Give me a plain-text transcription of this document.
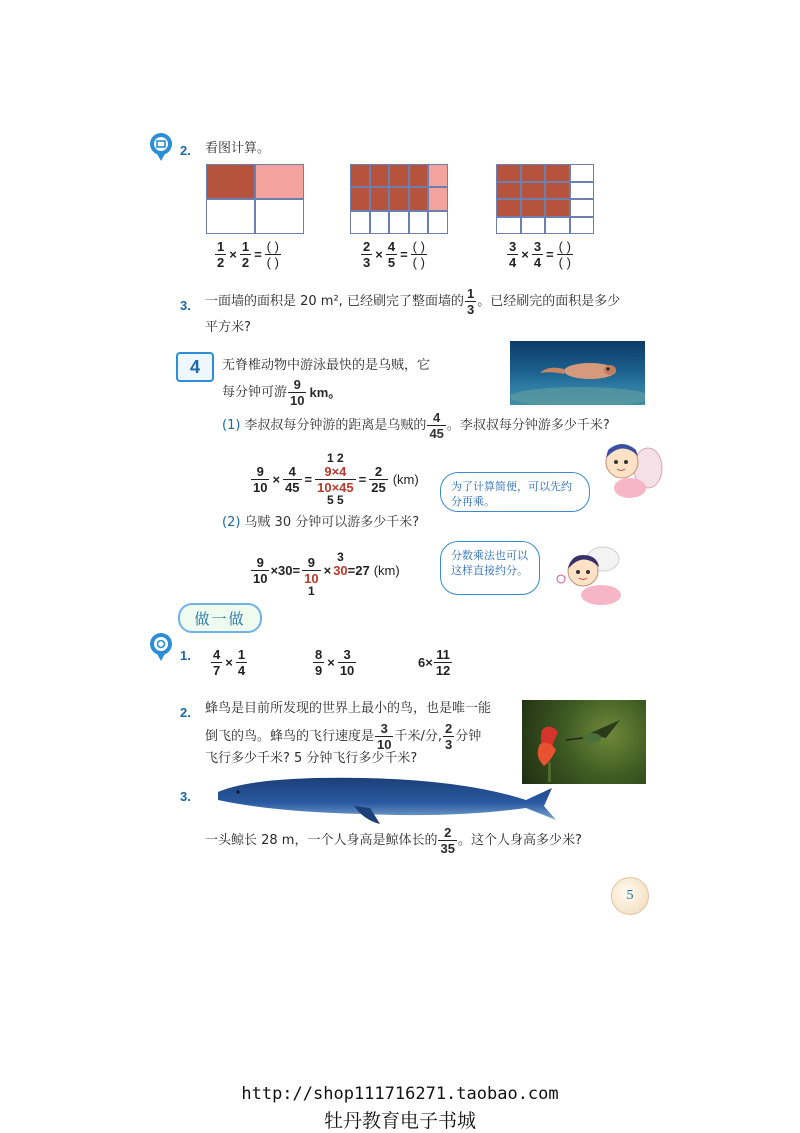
2. 看图计算。
$\frac{1}{2} \times \frac{1}{2} = \frac{( )}{( )}$	$\frac{2}{3} \times \frac{4}{5} = \frac{( )}{( )}$	$\frac{3}{4} \times \frac{3}{4} = \frac{( )}{( )}$
3. 一面墙的面积是 20 m², 已经刷完了整面墙的 $\frac{1}{3}$ 。已经刷完的面积是多少
平方米?
4	无脊椎动物中游泳最快的是乌贼，它
每分钟可游 $\frac{9}{10}$ km。
(1) 李叔叔每分钟游的距离是乌贼的 $\frac{4}{45}$ 。李叔叔每分钟游多少千米?
$\frac{9}{10} \times \frac{4}{45}$ =
1 2
$\frac{9\times 4}{10\times 45}$
5 5
= $\frac{2}{25} (km)$	为了计算简便，可以先约分再乘。
(2) 乌贼 30 分钟可以游多少千米?
$\frac{9}{10} \times 30= \frac{9}{10}$
1
×
3
30 =27 (km)
分数乘法也可以这样直接约分。
做一做
1. $\frac{4}{7} \times \frac{1}{4}$	$\frac{8}{9} \times \frac{3}{10}$	$6\times \frac{11}{12}$
2. 蜂鸟是目前所发现的世界上最小的鸟，也是唯一能
倒飞的鸟。蜂鸟的飞行速度是 $\frac{3}{10}$ 千米/分, $\frac{2}{3}$ 分钟
飞行多少千米? 5 分钟飞行多少千米?
3.
一头鲸长 28 m，一个人身高是鲸体长的 $\frac{2}{35}$ 。这个人身高多少米?
5
http://shop111716271.taobao.com
牡丹教育电子书城
